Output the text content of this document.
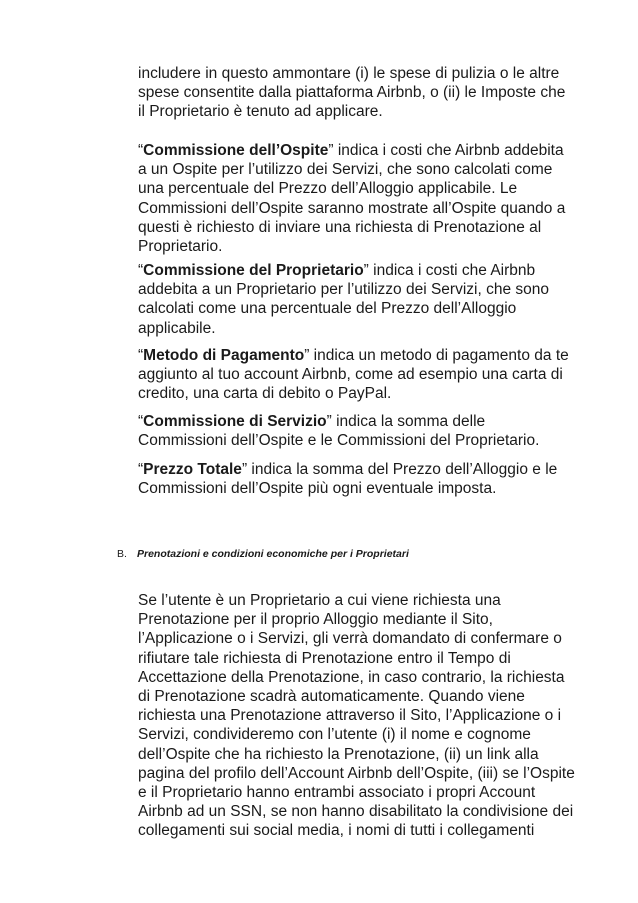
includere in questo ammontare (i) le spese di pulizia o le altre
spese consentite dalla piattaforma Airbnb, o (ii) le Imposte che
il Proprietario è tenuto ad applicare.
“Commissione dell’Ospite” indica i costi che Airbnb addebita
a un Ospite per l’utilizzo dei Servizi, che sono calcolati come
una percentuale del Prezzo dell’Alloggio applicabile. Le
Commissioni dell’Ospite saranno mostrate all’Ospite quando a
questi è richiesto di inviare una richiesta di Prenotazione al
Proprietario.
“Commissione del Proprietario” indica i costi che Airbnb
addebita a un Proprietario per l’utilizzo dei Servizi, che sono
calcolati come una percentuale del Prezzo dell’Alloggio
applicabile.
“Metodo di Pagamento” indica un metodo di pagamento da te
aggiunto al tuo account Airbnb, come ad esempio una carta di
credito, una carta di debito o PayPal.
“Commissione di Servizio” indica la somma delle
Commissioni dell’Ospite e le Commissioni del Proprietario.
“Prezzo Totale” indica la somma del Prezzo dell’Alloggio e le
Commissioni dell’Ospite più ogni eventuale imposta.
B. Prenotazioni e condizioni economiche per i Proprietari
Se l’utente è un Proprietario a cui viene richiesta una
Prenotazione per il proprio Alloggio mediante il Sito,
l’Applicazione o i Servizi, gli verrà domandato di confermare o
rifiutare tale richiesta di Prenotazione entro il Tempo di
Accettazione della Prenotazione, in caso contrario, la richiesta
di Prenotazione scadrà automaticamente. Quando viene
richiesta una Prenotazione attraverso il Sito, l’Applicazione o i
Servizi, condivideremo con l’utente (i) il nome e cognome
dell’Ospite che ha richiesto la Prenotazione, (ii) un link alla
pagina del profilo dell’Account Airbnb dell’Ospite, (iii) se l’Ospite
e il Proprietario hanno entrambi associato i propri Account
Airbnb ad un SSN, se non hanno disabilitato la condivisione dei
collegamenti sui social media, i nomi di tutti i collegamenti
